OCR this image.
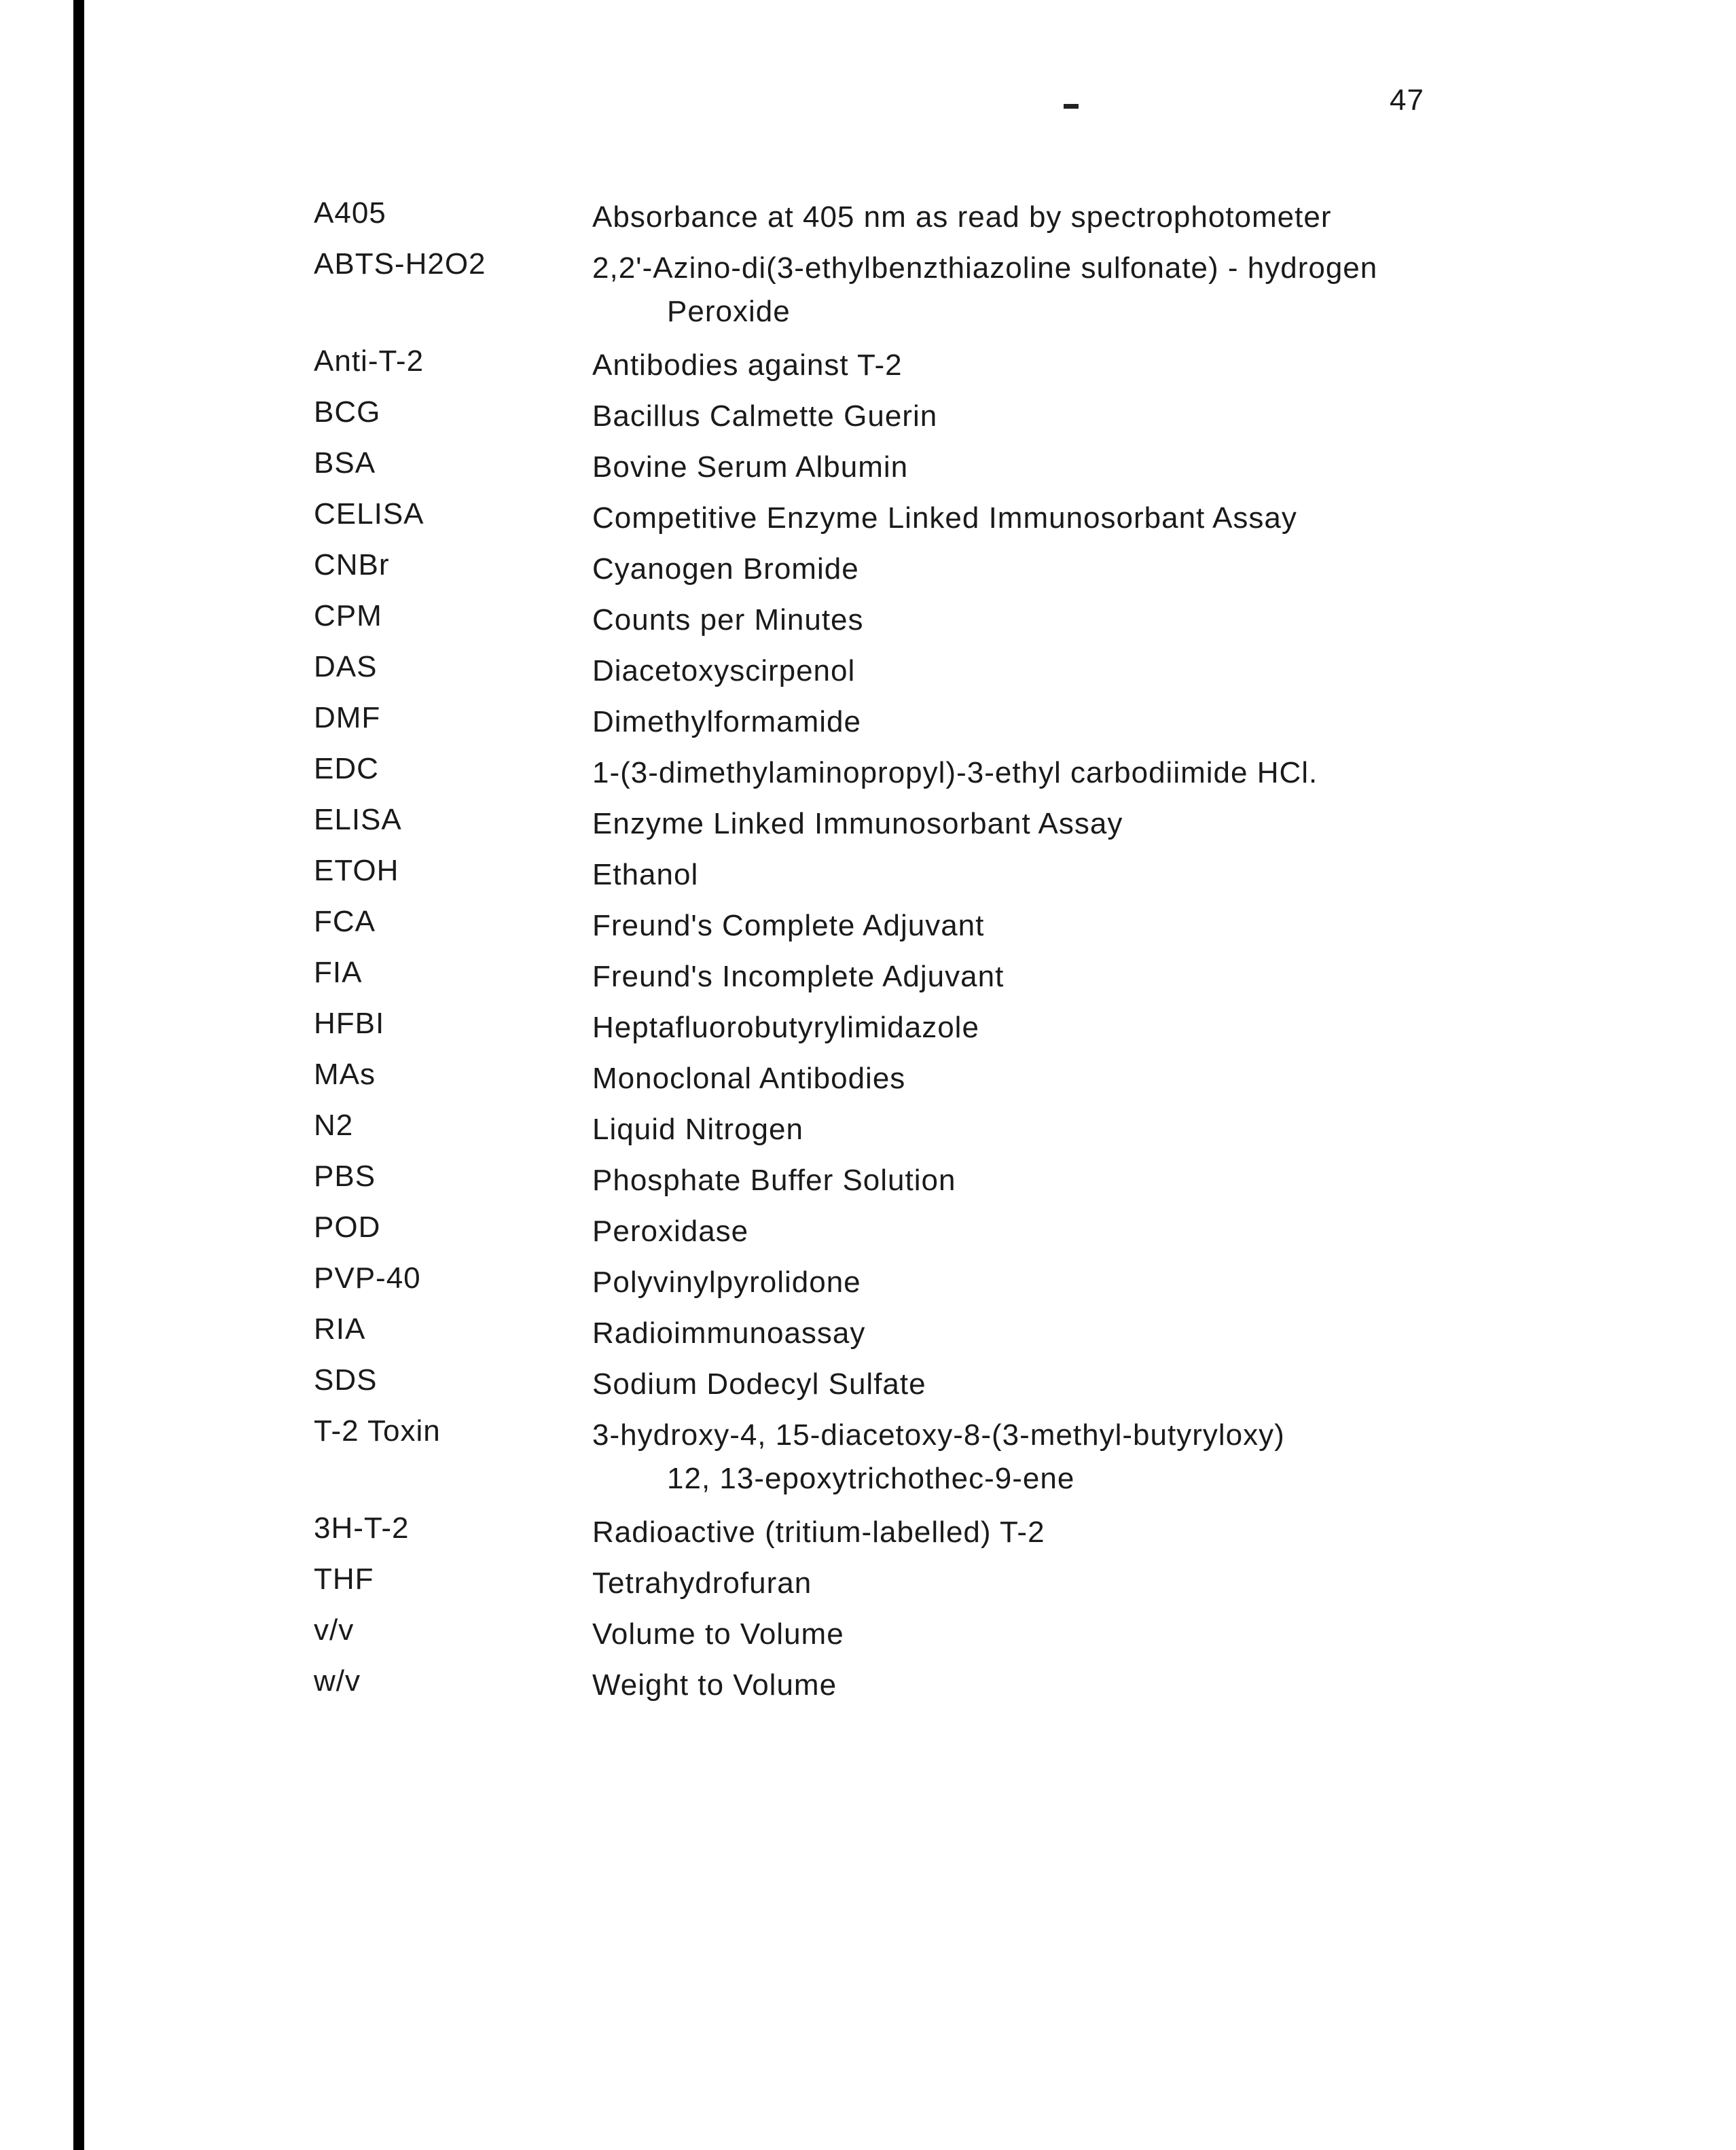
47
A405	Absorbance at 405 nm as read by spectrophotometer
ABTS-H2O2	2,2'-Azino-di(3-ethylbenzthiazoline sulfonate) - hydrogen
Peroxide
Anti-T-2	Antibodies against T-2
BCG	Bacillus Calmette Guerin
BSA	Bovine Serum Albumin
CELISA	Competitive Enzyme Linked Immunosorbant Assay
CNBr	Cyanogen Bromide
CPM	Counts per Minutes
DAS	Diacetoxyscirpenol
DMF	Dimethylformamide
EDC	1-(3-dimethylaminopropyl)-3-ethyl carbodiimide HCl.
ELISA	Enzyme Linked Immunosorbant Assay
ETOH	Ethanol
FCA	Freund's Complete Adjuvant
FIA	Freund's Incomplete Adjuvant
HFBI	Heptafluorobutyrylimidazole
MAs	Monoclonal Antibodies
N2	Liquid Nitrogen
PBS	Phosphate Buffer Solution
POD	Peroxidase
PVP-40	Polyvinylpyrolidone
RIA	Radioimmunoassay
SDS	Sodium Dodecyl Sulfate
T-2 Toxin	3-hydroxy-4, 15-diacetoxy-8-(3-methyl-butyryloxy)
12, 13-epoxytrichothec-9-ene
3H-T-2	Radioactive (tritium-labelled) T-2
THF	Tetrahydrofuran
v/v	Volume to Volume
w/v	Weight to Volume
